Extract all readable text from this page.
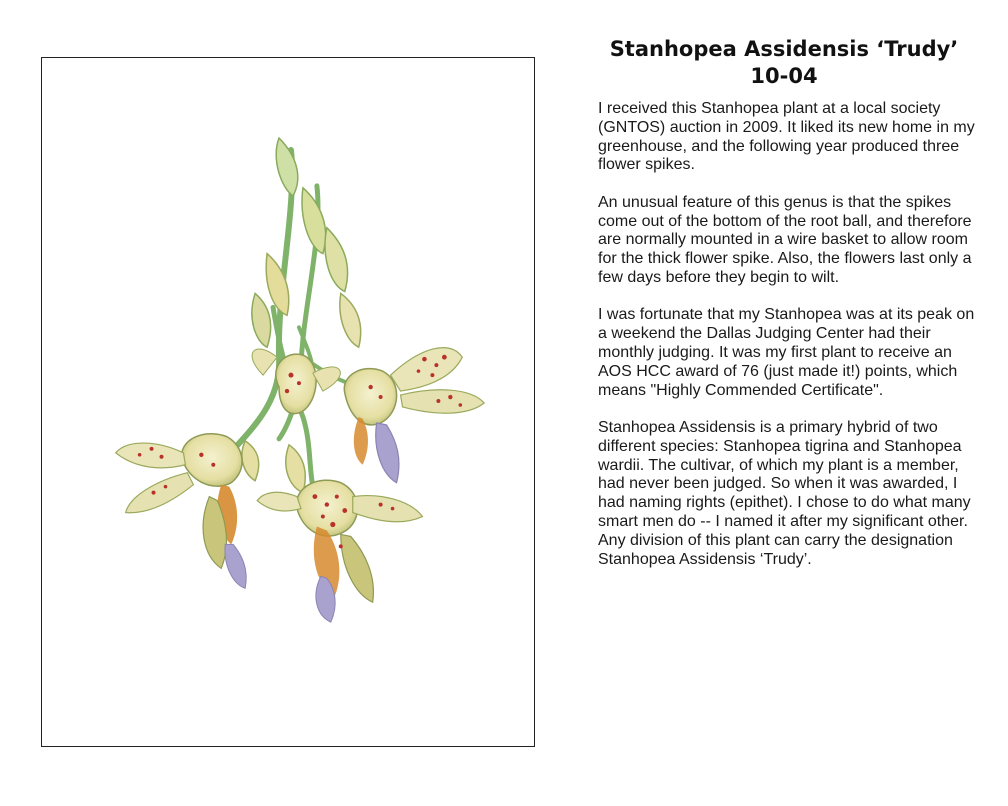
Stanhopea Assidensis ‘Trudy’
10-04

I received this Stanhopea plant at a local society (GNTOS) auction in 2009. It liked its new home in my greenhouse, and the following year produced three flower spikes.

An unusual feature of this genus is that the spikes come out of the bottom of the root ball, and therefore are normally mounted in a wire basket to allow room for the thick flower spike. Also, the flowers last only a few days before they begin to wilt.

I was fortunate that my Stanhopea was at its peak on a weekend the Dallas Judging Center had their monthly judging. It was my first plant to receive an AOS HCC award of 76 (just made it!) points, which means "Highly Commended Certificate".

Stanhopea Assidensis is a primary hybrid of two different species: Stanhopea tigrina and Stanhopea wardii. The cultivar, of which my plant is a member, had never been judged. So when it was awarded, I had naming rights (epithet). I chose to do what many smart men do -- I named it after my significant other. Any division of this plant can carry the designation Stanhopea Assidensis ‘Trudy’.
